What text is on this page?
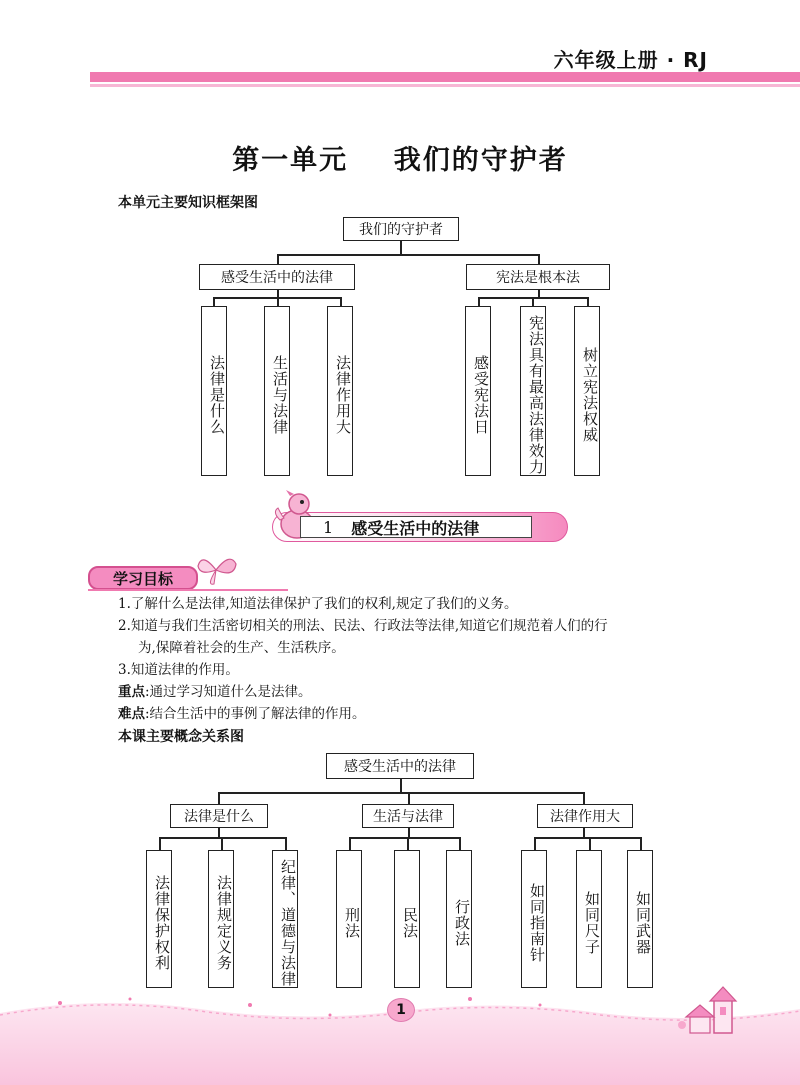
六年级上册 · RJ
第一单元    我们的守护者
本单元主要知识框架图
我们的守护者
感受生活中的法律	宪法是根本法
法律是什么	生活与法律	法律作用大	感受宪法日	宪法具有最高法律效力	树立宪法权威
1	感受生活中的法律
学习目标
1.了解什么是法律,知道法律保护了我们的权利,规定了我们的义务。
2.知道与我们生活密切相关的刑法、民法、行政法等法律,知道它们规范着人们的行
为,保障着社会的生产、生活秩序。
3.知道法律的作用。
重点:通过学习知道什么是法律。
难点:结合生活中的事例了解法律的作用。
本课主要概念关系图
感受生活中的法律
法律是什么	生活与法律	法律作用大
法律保护权利	法律规定义务	纪律、道德与法律	刑法	民法	行政法	如同指南针	如同尺子	如同武器
1
